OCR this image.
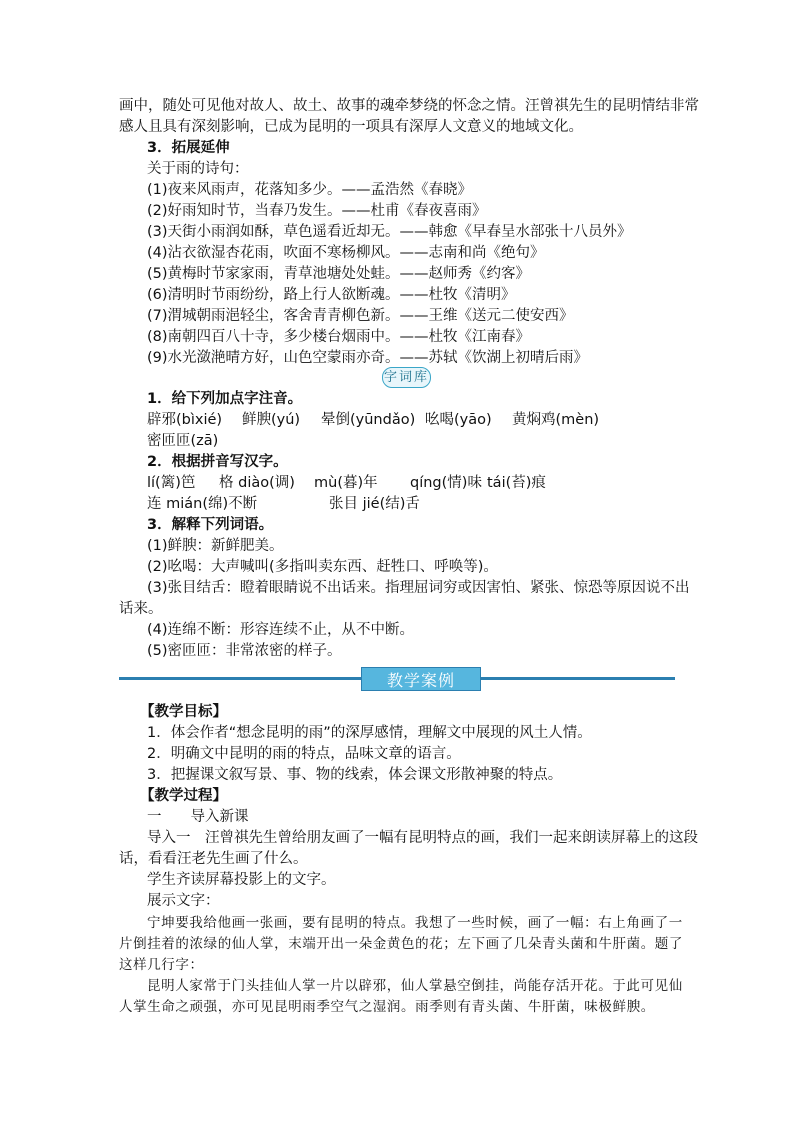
画中，随处可见他对故人、故土、故事的魂牵梦绕的怀念之情。汪曾祺先生的昆明情结非常
感人且具有深刻影响，已成为昆明的一项具有深厚人文意义的地域文化。
3．拓展延伸
关于雨的诗句：
(1)夜来风雨声，花落知多少。——孟浩然《春晓》
(2)好雨知时节，当春乃发生。——杜甫《春夜喜雨》
(3)天街小雨润如酥，草色遥看近却无。——韩愈《早春呈水部张十八员外》
(4)沾衣欲湿杏花雨，吹面不寒杨柳风。——志南和尚《绝句》
(5)黄梅时节家家雨，青草池塘处处蛙。——赵师秀《约客》
(6)清明时节雨纷纷，路上行人欲断魂。——杜牧《清明》
(7)渭城朝雨浥轻尘，客舍青青柳色新。——王维《送元二使安西》
(8)南朝四百八十寺，多少楼台烟雨中。——杜牧《江南春》
(9)水光潋滟晴方好，山色空蒙雨亦奇。——苏轼《饮湖上初晴后雨》
字词库
1．给下列加点字注音。
辟邪(bìxié) 鲜腴(yú) 晕倒(yūndǎo) 吆喝(yāo) 黄焖鸡(mèn)
密匝匝(zā)
2．根据拼音写汉字。
lí(篱)笆 格 diào(调) mù(暮)年 qíng(情)味 tái(苔)痕
连 mián(绵)不断	张目 jié(结)舌
3．解释下列词语。
(1)鲜腴：新鲜肥美。
(2)吆喝：大声喊叫(多指叫卖东西、赶牲口、呼唤等)。
(3)张目结舌：瞪着眼睛说不出话来。指理屈词穷或因害怕、紧张、惊恐等原因说不出
话来。
(4)连绵不断：形容连续不止，从不中断。
(5)密匝匝：非常浓密的样子。
教学案例
【教学目标】
1．体会作者“想念昆明的雨”的深厚感情，理解文中展现的风土人情。
2．明确文中昆明的雨的特点，品味文章的语言。
3．把握课文叙写景、事、物的线索，体会课文形散神聚的特点。
【教学过程】
一　　导入新课
导入一　汪曾祺先生曾给朋友画了一幅有昆明特点的画，我们一起来朗读屏幕上的这段
话，看看汪老先生画了什么。
学生齐读屏幕投影上的文字。
展示文字：
宁坤要我给他画一张画，要有昆明的特点。我想了一些时候，画了一幅：右上角画了一
片倒挂着的浓绿的仙人掌，末端开出一朵金黄色的花；左下画了几朵青头菌和牛肝菌。题了
这样几行字：
昆明人家常于门头挂仙人掌一片以辟邪，仙人掌悬空倒挂，尚能存活开花。于此可见仙
人掌生命之顽强，亦可见昆明雨季空气之湿润。雨季则有青头菌、牛肝菌，味极鲜腴。
